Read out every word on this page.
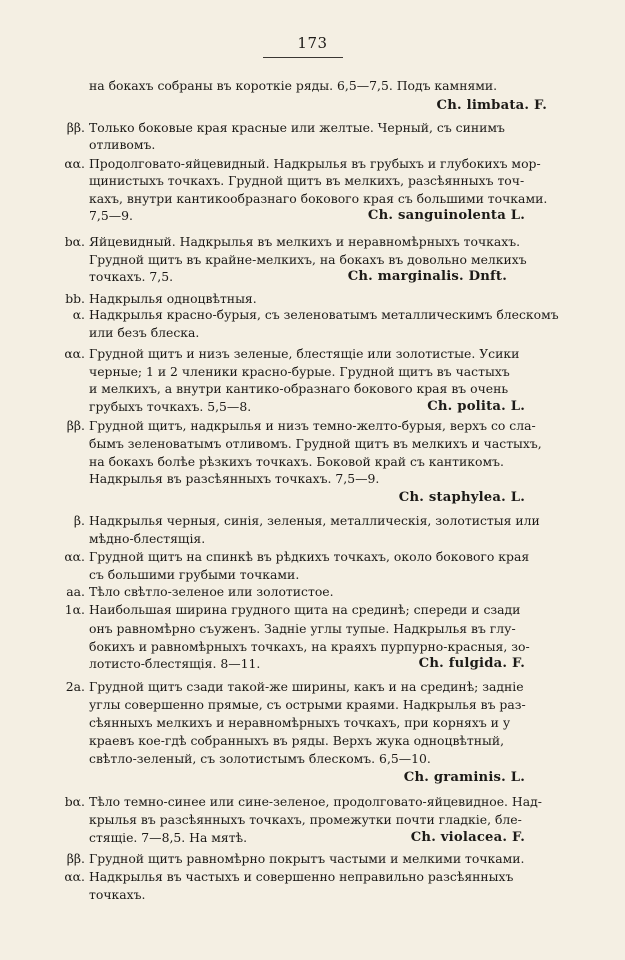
173
на бокахъ собраны въ короткіе ряды. 6,5—7,5. Подъ камнями.
Ch. limbata. F.
ββ. Только боковые края красные или желтые. Черный, съ синимъ
отливомъ.
αα. Продолговато-яйцевидный. Надкрылья въ грубыхъ и глубокихъ мор-
щинистыхъ точкахъ. Грудной щитъ въ мелкихъ, разсѣянныхъ точ-
кахъ, внутри кантикообразнаго бокового края съ большими точками.
7,5—9.	Ch. sanguinolenta L.
bα. Яйцевидный. Надкрылья въ мелкихъ и неравномѣрныхъ точкахъ.
Грудной щитъ въ крайне-мелкихъ, на бокахъ въ довольно мелкихъ
точкахъ. 7,5.	Ch. marginalis. Dnft.
bb. Надкрылья одноцвѣтныя.
α. Надкрылья красно-бурыя, съ зеленоватымъ металлическимъ блескомъ
или безъ блеска.
αα. Грудной щитъ и низъ зеленые, блестящіе или золотистые. Усики
черные; 1 и 2 членики красно-бурые. Грудной щитъ въ частыхъ
и мелкихъ, а внутри кантико-образнаго бокового края въ очень
грубыхъ точкахъ. 5,5—8.	Ch. polita. L.
ββ. Грудной щитъ, надкрылья и низъ темно-желто-бурыя, верхъ со сла-
бымъ зеленоватымъ отливомъ. Грудной щитъ въ мелкихъ и частыхъ,
на бокахъ болѣе рѣзкихъ точкахъ. Боковой край съ кантикомъ.
Надкрылья въ разсѣянныхъ точкахъ. 7,5—9.
Ch. staphylea. L.
β. Надкрылья черныя, синія, зеленыя, металлическія, золотистыя или
мѣдно-блестящія.
αα. Грудной щитъ на спинкѣ въ рѣдкихъ точкахъ, около бокового края
съ большими грубыми точками.
aa. Тѣло свѣтло-зеленое или золотистое.
1α. Наибольшая ширина грудного щита на срединѣ; спереди и сзади
онъ равномѣрно съуженъ. Задніе углы тупые. Надкрылья въ глу-
бокихъ и равномѣрныхъ точкахъ, на краяхъ пурпурно-красныя, зо-
лотисто-блестящія. 8—11.	Ch. fulgida. F.
2a. Грудной щитъ сзади такой-же ширины, какъ и на срединѣ; задніе
углы совершенно прямые, съ острыми краями. Надкрылья въ раз-
сѣянныхъ мелкихъ и неравномѣрныхъ точкахъ, при корняхъ и у
краевъ кое-гдѣ собранныхъ въ ряды. Верхъ жука одноцвѣтный,
свѣтло-зеленый, съ золотистымъ блескомъ. 6,5—10.
Ch. graminis. L.
bα. Тѣло темно-синее или сине-зеленое, продолговато-яйцевидное. Над-
крылья въ разсѣянныхъ точкахъ, промежутки почти гладкіе, бле-
стящіе. 7—8,5. На мятѣ.	Ch. violacea. F.
ββ. Грудной щитъ равномѣрно покрытъ частыми и мелкими точками.
αα. Надкрылья въ частыхъ и совершенно неправильно разсѣянныхъ
точкахъ.
